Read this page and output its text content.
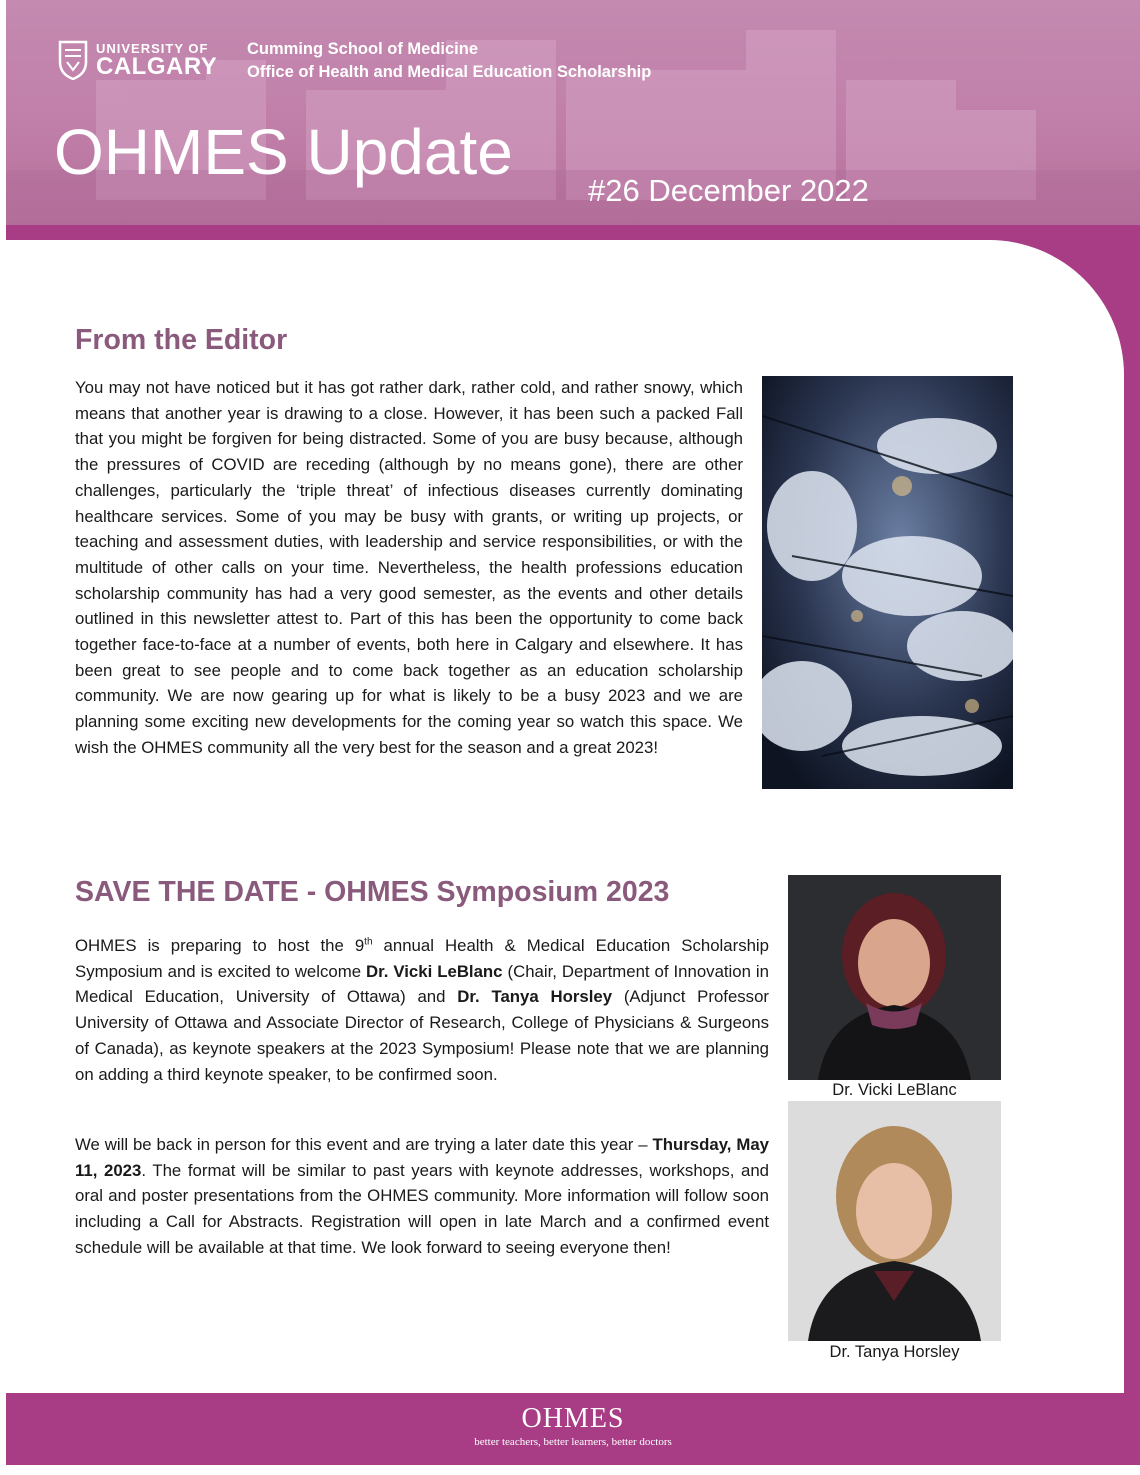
UNIVERSITY OF
CALGARY
Cumming School of Medicine
Office of Health and Medical Education Scholarship
OHMES Update
#26 December 2022
From the Editor

You may not have noticed but it has got rather dark, rather cold, and rather snowy, which means that another year is drawing to a close. However, it has been such a packed Fall that you might be forgiven for being distracted. Some of you are busy because, although the pressures of COVID are receding (although by no means gone), there are other challenges, particularly the ‘triple threat’ of infectious diseases currently dominating healthcare services. Some of you may be busy with grants, or writing up projects, or teaching and assessment duties, with leadership and service responsibilities, or with the multitude of other calls on your time. Nevertheless, the health professions education scholarship community has had a very good semester, as the events and other details outlined in this newsletter attest to. Part of this has been the opportunity to come back together face-to-face at a number of events, both here in Calgary and elsewhere. It has been great to see people and to come back together as an education scholarship community. We are now gearing up for what is likely to be a busy 2023 and we are planning some exciting new developments for the coming year so watch this space. We wish the OHMES community all the very best for the season and a great 2023!

SAVE THE DATE - OHMES Symposium 2023

OHMES is preparing to host the 9th annual Health & Medical Education Scholarship Symposium and is excited to welcome Dr. Vicki LeBlanc (Chair, Department of Innovation in Medical Education, University of Ottawa) and Dr. Tanya Horsley (Adjunct Professor University of Ottawa and Associate Director of Research, College of Physicians & Surgeons of Canada), as keynote speakers at the 2023 Symposium! Please note that we are planning on adding a third keynote speaker, to be confirmed soon.

We will be back in person for this event and are trying a later date this year – Thursday, May 11, 2023. The format will be similar to past years with keynote addresses, workshops, and oral and poster presentations from the OHMES community. More information will follow soon including a Call for Abstracts. Registration will open in late March and a confirmed event schedule will be available at that time. We look forward to seeing everyone then!

Dr. Vicki LeBlanc
Dr. Tanya Horsley
OHMES
better teachers, better learners, better doctors
